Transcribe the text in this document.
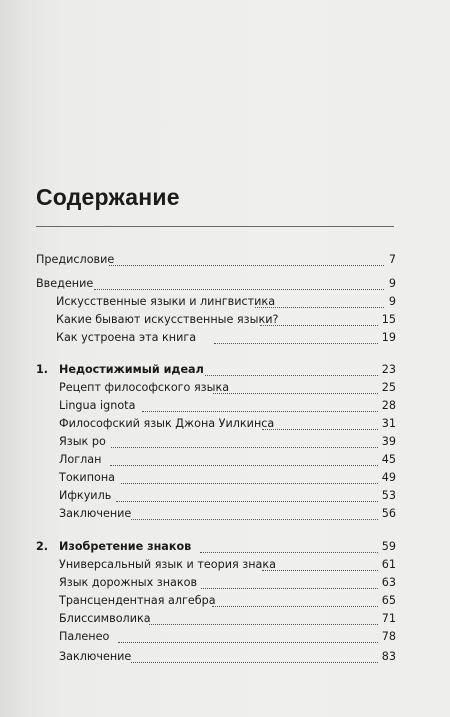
Содержание
Предисловие	7
Введение	9
Искусственные языки и лингвистика	9
Какие бывают искусственные языки?	15
Как устроена эта книга	19
1. Недостижимый идеал	23
Рецепт философского языка	25
Lingua ignota	28
Философский язык Джона Уилкинса	31
Язык ро	39
Логлан	45
Токипона	49
Ифкуиль	53
Заключение	56
2. Изобретение знаков	59
Универсальный язык и теория знака	61
Язык дорожных знаков	63
Трансцендентная алгебра	65
Блиссимволика	71
Паленео	78
Заключение	83
